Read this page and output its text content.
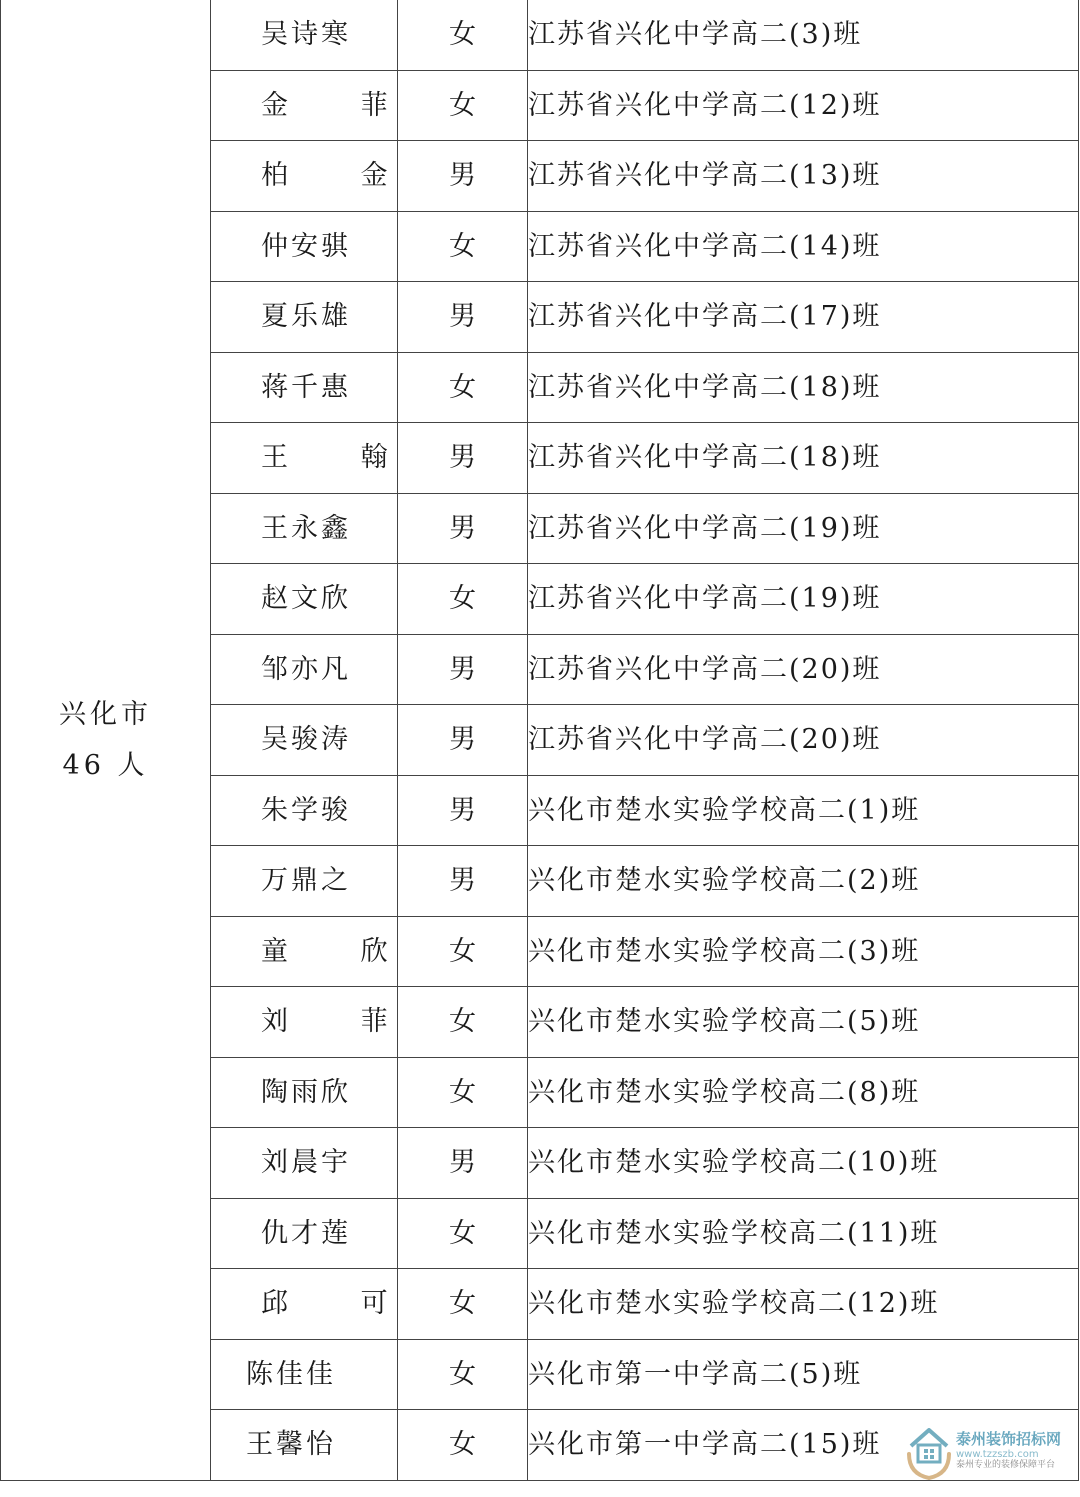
兴化市
46 人	吴诗寒	女	江苏省兴化中学高二(3)班
	金 菲	女	江苏省兴化中学高二(12)班
	柏 金	男	江苏省兴化中学高二(13)班
	仲安骐	女	江苏省兴化中学高二(14)班
	夏乐雄	男	江苏省兴化中学高二(17)班
	蒋千惠	女	江苏省兴化中学高二(18)班
	王 翰	男	江苏省兴化中学高二(18)班
	王永鑫	男	江苏省兴化中学高二(19)班
	赵文欣	女	江苏省兴化中学高二(19)班
	邹亦凡	男	江苏省兴化中学高二(20)班
	吴骏涛	男	江苏省兴化中学高二(20)班
	朱学骏	男	兴化市楚水实验学校高二(1)班
	万鼎之	男	兴化市楚水实验学校高二(2)班
	童 欣	女	兴化市楚水实验学校高二(3)班
	刘 菲	女	兴化市楚水实验学校高二(5)班
	陶雨欣	女	兴化市楚水实验学校高二(8)班
	刘晨宇	男	兴化市楚水实验学校高二(10)班
	仇才莲	女	兴化市楚水实验学校高二(11)班
	邱 可	女	兴化市楚水实验学校高二(12)班
	陈佳佳	女	兴化市第一中学高二(5)班
	王馨怡	女	兴化市第一中学高二(15)班	泰州装饰招标网
www.tzzszb.com
泰州专业的装修保障平台
